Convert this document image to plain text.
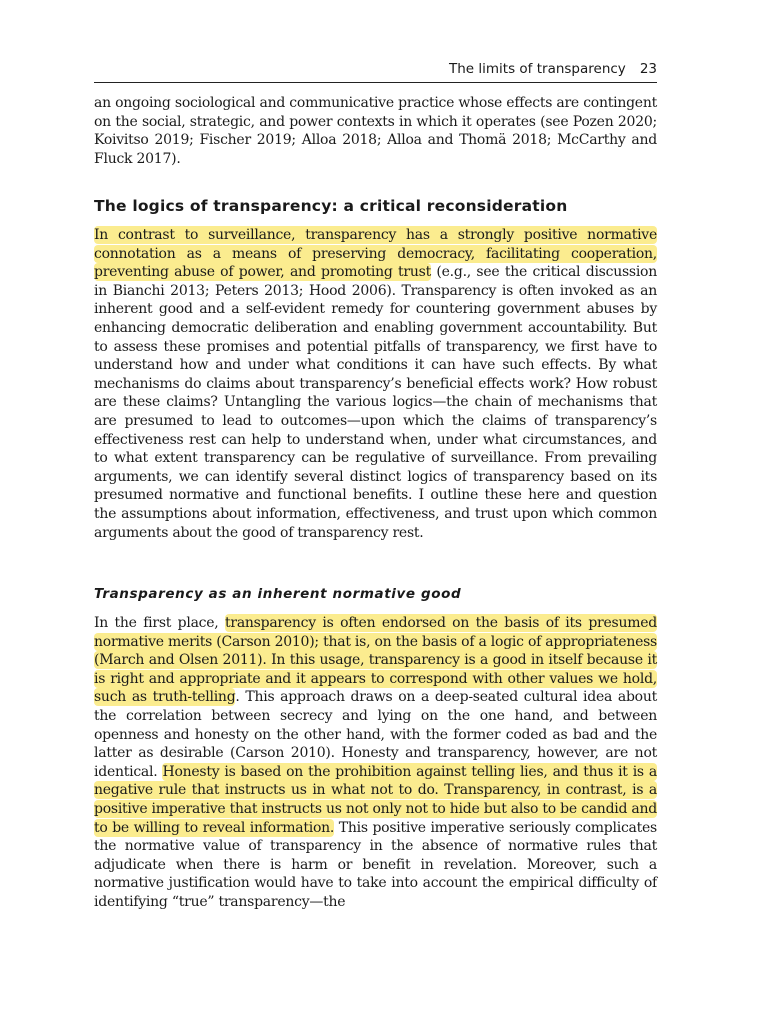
The limits of transparency 23

an ongoing sociological and communicative practice whose effects are contingent on the social, strategic, and power contexts in which it operates (see Pozen 2020; Koivitso 2019; Fischer 2019; Alloa 2018; Alloa and Thomä 2018; McCarthy and Fluck 2017).

The logics of transparency: a critical reconsideration

In contrast to surveillance, transparency has a strongly positive normative connotation as a means of preserving democracy, facilitating cooperation, preventing abuse of power, and promoting trust (e.g., see the critical discussion in Bianchi 2013; Peters 2013; Hood 2006). Transparency is often invoked as an inherent good and a self-evident remedy for countering government abuses by enhancing democratic deliberation and enabling government accountability. But to assess these promises and potential pitfalls of transparency, we first have to understand how and under what conditions it can have such effects. By what mechanisms do claims about transparency’s beneficial effects work? How robust are these claims? Untangling the various logics—the chain of mechanisms that are presumed to lead to outcomes—upon which the claims of transparency’s effectiveness rest can help to understand when, under what circumstances, and to what extent transparency can be regulative of surveillance. From prevailing arguments, we can identify several distinct logics of transparency based on its presumed normative and functional benefits. I outline these here and question the assumptions about information, effectiveness, and trust upon which common arguments about the good of transparency rest.

Transparency as an inherent normative good

In the first place, transparency is often endorsed on the basis of its presumed normative merits (Carson 2010); that is, on the basis of a logic of appropriateness (March and Olsen 2011). In this usage, transparency is a good in itself because it is right and appropriate and it appears to correspond with other values we hold, such as truth-telling. This approach draws on a deep-seated cultural idea about the correlation between secrecy and lying on the one hand, and between openness and honesty on the other hand, with the former coded as bad and the latter as desirable (Carson 2010). Honesty and transparency, however, are not identical. Honesty is based on the prohibition against telling lies, and thus it is a negative rule that instructs us in what not to do. Transparency, in contrast, is a positive imperative that instructs us not only not to hide but also to be candid and to be willing to reveal information. This positive imperative seriously complicates the normative value of transparency in the absence of normative rules that adjudicate when there is harm or benefit in revelation. Moreover, such a normative justification would have to take into account the empirical difficulty of identifying “true” transparency—the
